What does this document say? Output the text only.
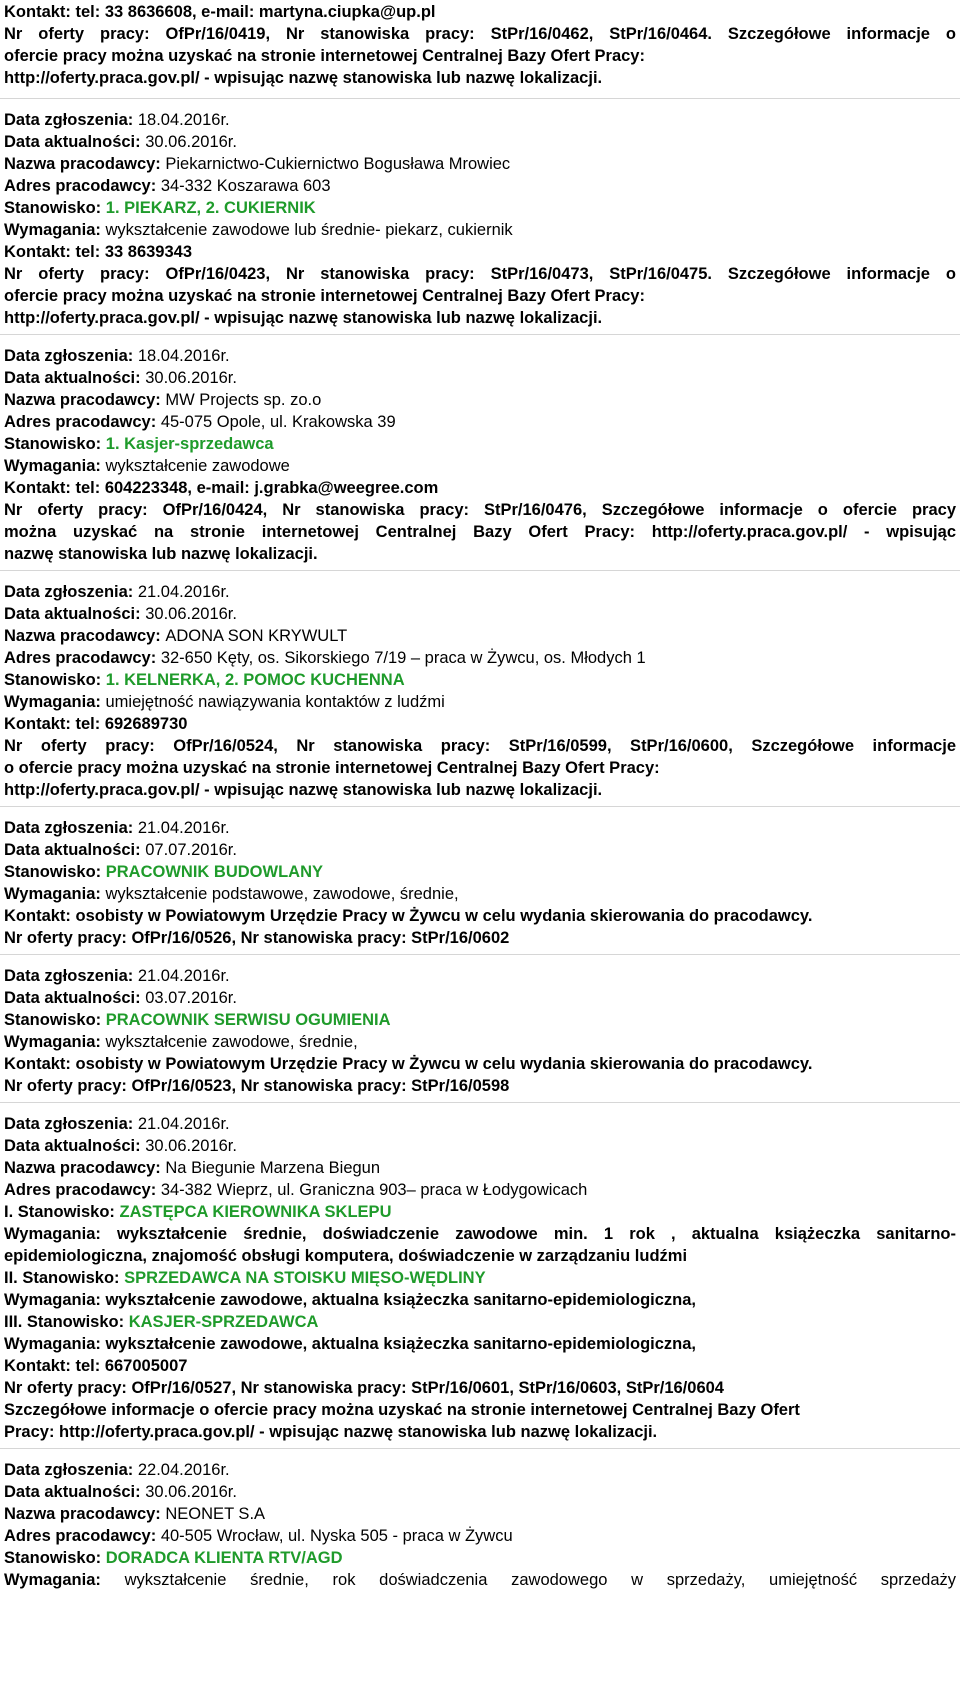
Kontakt: tel: 33 8636608, e-mail: martyna.ciupka@up.pl
Nr oferty pracy: OfPr/16/0419, Nr stanowiska pracy: StPr/16/0462, StPr/16/0464. Szczegółowe informacje o
ofercie pracy można uzyskać na stronie internetowej Centralnej Bazy Ofert Pracy:
http://oferty.praca.gov.pl/ - wpisując nazwę stanowiska lub nazwę lokalizacji.
Data zgłoszenia: 18.04.2016r.
Data aktualności: 30.06.2016r.
Nazwa pracodawcy: Piekarnictwo-Cukiernictwo Bogusława Mrowiec
Adres pracodawcy: 34-332 Koszarawa 603
Stanowisko: 1. PIEKARZ, 2. CUKIERNIK
Wymagania: wykształcenie zawodowe lub średnie- piekarz, cukiernik
Kontakt: tel: 33 8639343
Nr oferty pracy: OfPr/16/0423, Nr stanowiska pracy: StPr/16/0473, StPr/16/0475. Szczegółowe informacje o
ofercie pracy można uzyskać na stronie internetowej Centralnej Bazy Ofert Pracy:
http://oferty.praca.gov.pl/ - wpisując nazwę stanowiska lub nazwę lokalizacji.
Data zgłoszenia: 18.04.2016r.
Data aktualności: 30.06.2016r.
Nazwa pracodawcy: MW Projects sp. zo.o
Adres pracodawcy: 45-075 Opole, ul. Krakowska 39
Stanowisko: 1. Kasjer-sprzedawca
Wymagania: wykształcenie zawodowe
Kontakt: tel: 604223348, e-mail: j.grabka@weegree.com
Nr oferty pracy: OfPr/16/0424, Nr stanowiska pracy: StPr/16/0476, Szczegółowe informacje o ofercie pracy
można uzyskać na stronie internetowej Centralnej Bazy Ofert Pracy: http://oferty.praca.gov.pl/ - wpisując
nazwę stanowiska lub nazwę lokalizacji.
Data zgłoszenia: 21.04.2016r.
Data aktualności: 30.06.2016r.
Nazwa pracodawcy: ADONA SON KRYWULT
Adres pracodawcy: 32-650 Kęty, os. Sikorskiego 7/19 – praca w Żywcu, os. Młodych 1
Stanowisko: 1. KELNERKA, 2. POMOC KUCHENNA
Wymagania: umiejętność nawiązywania kontaktów z ludźmi
Kontakt: tel: 692689730
Nr oferty pracy: OfPr/16/0524, Nr stanowiska pracy: StPr/16/0599, StPr/16/0600, Szczegółowe informacje
o ofercie pracy można uzyskać na stronie internetowej Centralnej Bazy Ofert Pracy:
http://oferty.praca.gov.pl/ - wpisując nazwę stanowiska lub nazwę lokalizacji.
Data zgłoszenia: 21.04.2016r.
Data aktualności: 07.07.2016r.
Stanowisko: PRACOWNIK BUDOWLANY
Wymagania: wykształcenie podstawowe, zawodowe, średnie,
Kontakt: osobisty w Powiatowym Urzędzie Pracy w Żywcu w celu wydania skierowania do pracodawcy.
Nr oferty pracy: OfPr/16/0526, Nr stanowiska pracy: StPr/16/0602
Data zgłoszenia: 21.04.2016r.
Data aktualności: 03.07.2016r.
Stanowisko: PRACOWNIK SERWISU OGUMIENIA
Wymagania: wykształcenie zawodowe, średnie,
Kontakt: osobisty w Powiatowym Urzędzie Pracy w Żywcu w celu wydania skierowania do pracodawcy.
Nr oferty pracy: OfPr/16/0523, Nr stanowiska pracy: StPr/16/0598
Data zgłoszenia: 21.04.2016r.
Data aktualności: 30.06.2016r.
Nazwa pracodawcy: Na Biegunie Marzena Biegun
Adres pracodawcy: 34-382 Wieprz, ul. Graniczna 903– praca w Łodygowicach
I. Stanowisko: ZASTĘPCA KIEROWNIKA SKLEPU
Wymagania: wykształcenie średnie, doświadczenie zawodowe min. 1 rok , aktualna książeczka sanitarno-
epidemiologiczna, znajomość obsługi komputera, doświadczenie w zarządzaniu ludźmi
II. Stanowisko: SPRZEDAWCA NA STOISKU MIĘSO-WĘDLINY
Wymagania: wykształcenie zawodowe, aktualna książeczka sanitarno-epidemiologiczna,
III. Stanowisko: KASJER-SPRZEDAWCA
Wymagania: wykształcenie zawodowe, aktualna książeczka sanitarno-epidemiologiczna,
Kontakt: tel: 667005007
Nr oferty pracy: OfPr/16/0527, Nr stanowiska pracy: StPr/16/0601, StPr/16/0603, StPr/16/0604
Szczegółowe informacje o ofercie pracy można uzyskać na stronie internetowej Centralnej Bazy Ofert
Pracy: http://oferty.praca.gov.pl/ - wpisując nazwę stanowiska lub nazwę lokalizacji.
Data zgłoszenia: 22.04.2016r.
Data aktualności: 30.06.2016r.
Nazwa pracodawcy: NEONET S.A
Adres pracodawcy: 40-505 Wrocław, ul. Nyska 505 - praca w Żywcu
Stanowisko: DORADCA KLIENTA RTV/AGD
Wymagania: wykształcenie średnie, rok doświadczenia zawodowego w sprzedaży, umiejętność sprzedaży
